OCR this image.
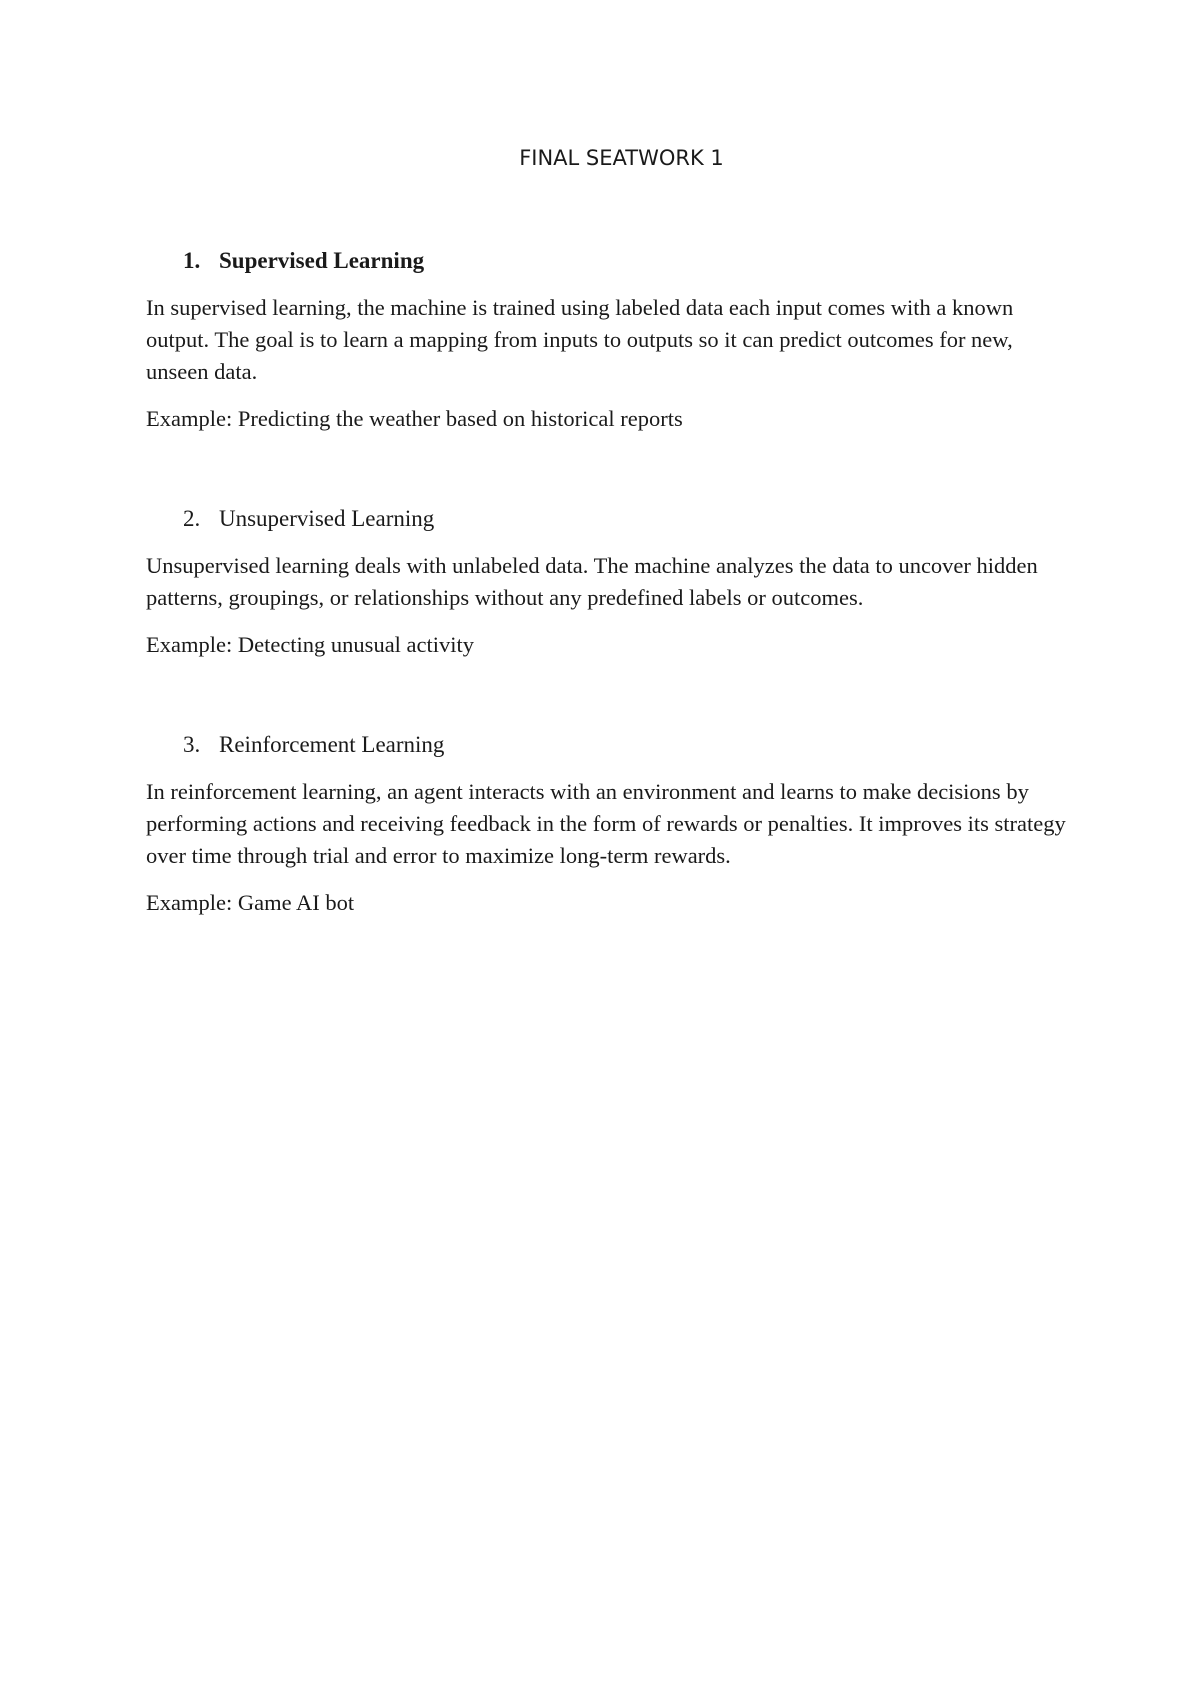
FINAL SEATWORK 1
1. Supervised Learning

In supervised learning, the machine is trained using labeled data each input comes with a known output. The goal is to learn a mapping from inputs to outputs so it can predict outcomes for new, unseen data.

Example: Predicting the weather based on historical reports

2. Unsupervised Learning

Unsupervised learning deals with unlabeled data. The machine analyzes the data to uncover hidden patterns, groupings, or relationships without any predefined labels or outcomes.

Example: Detecting unusual activity

3. Reinforcement Learning

In reinforcement learning, an agent interacts with an environment and learns to make decisions by performing actions and receiving feedback in the form of rewards or penalties. It improves its strategy over time through trial and error to maximize long-term rewards.

Example: Game AI bot
